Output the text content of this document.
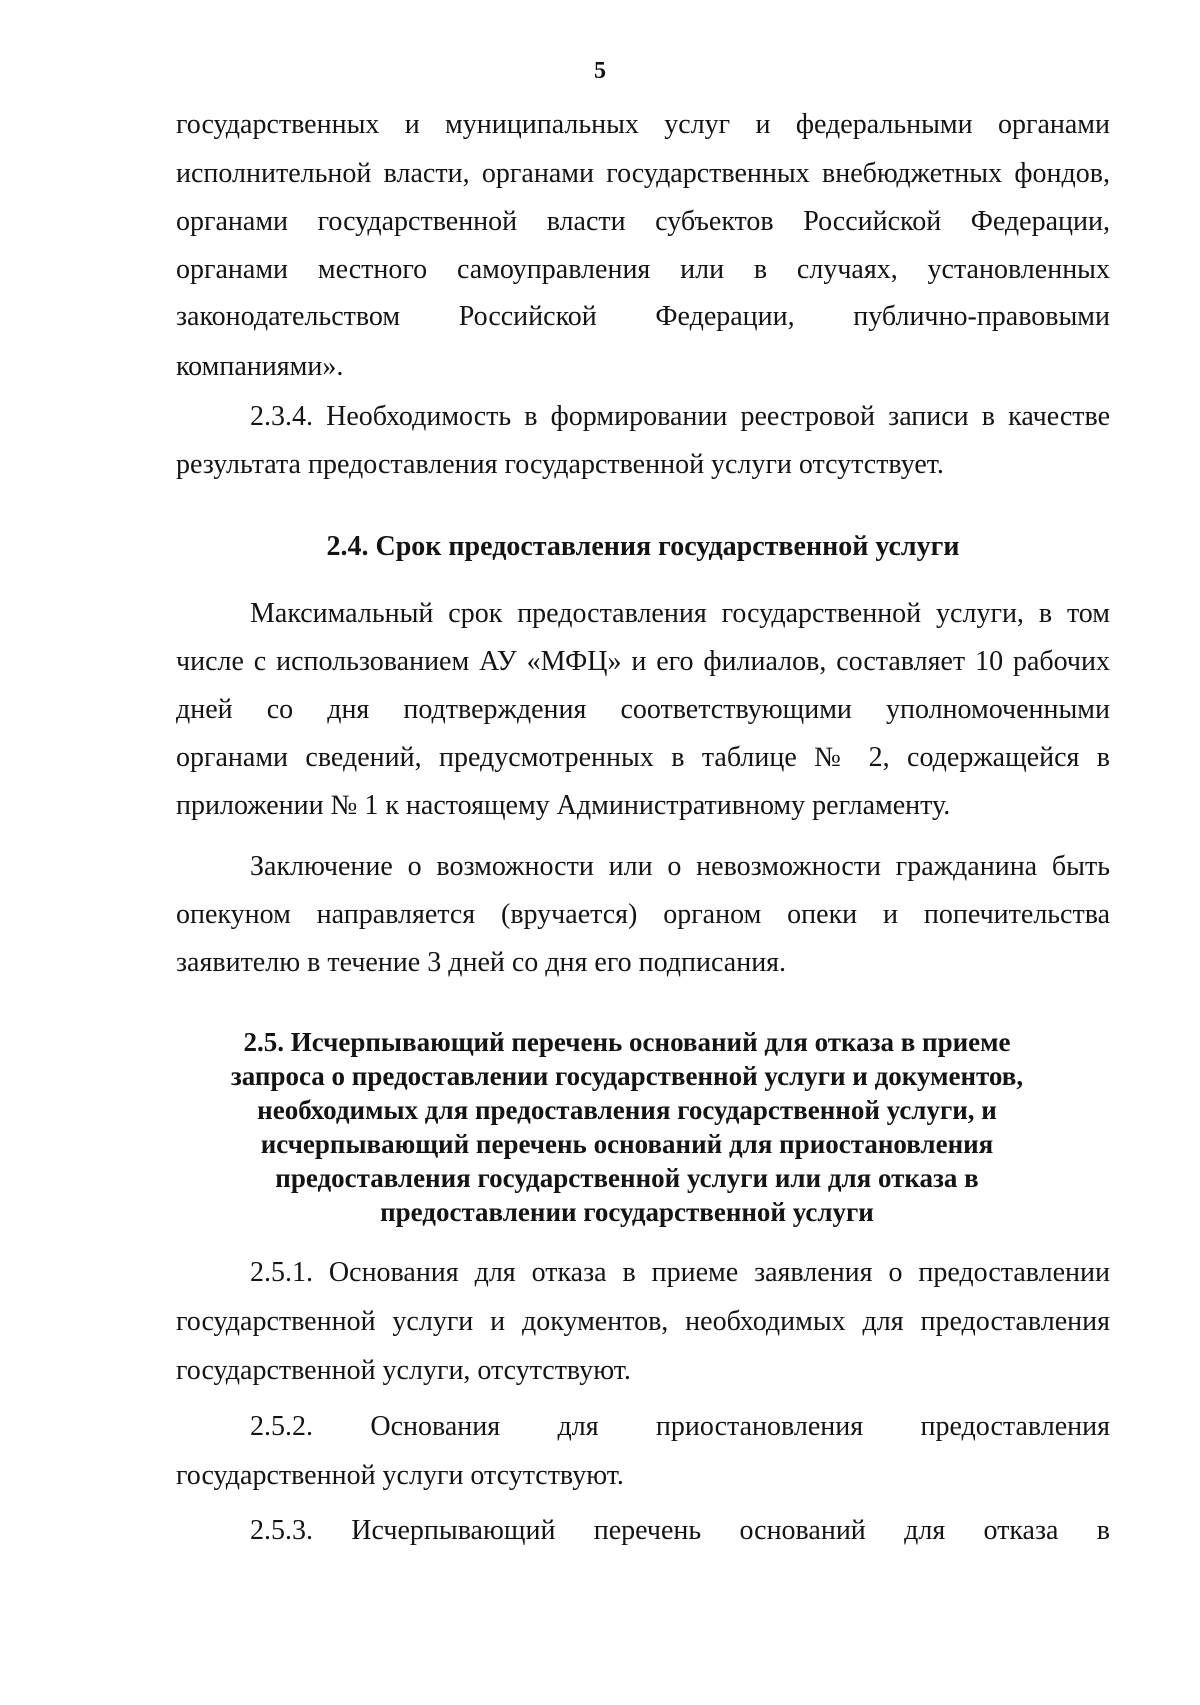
5
государственных и муниципальных услуг и федеральными органами
исполнительной власти, органами государственных внебюджетных фондов,
органами государственной власти субъектов Российской Федерации,
органами местного самоуправления или в случаях, установленных
законодательством Российской Федерации, публично-правовыми
компаниями».
2.3.4. Необходимость в формировании реестровой записи в качестве
результата предоставления государственной услуги отсутствует.
2.4. Срок предоставления государственной услуги
Максимальный срок предоставления государственной услуги, в том
числе с использованием АУ «МФЦ» и его филиалов, составляет 10 рабочих
дней со дня подтверждения соответствующими уполномоченными
органами сведений, предусмотренных в таблице № 2, содержащейся в
приложении № 1 к настоящему Административному регламенту.
Заключение о возможности или о невозможности гражданина быть
опекуном направляется (вручается) органом опеки и попечительства
заявителю в течение 3 дней со дня его подписания.
2.5. Исчерпывающий перечень оснований для отказа в приеме
запроса о предоставлении государственной услуги и документов,
необходимых для предоставления государственной услуги, и
исчерпывающий перечень оснований для приостановления
предоставления государственной услуги или для отказа в
предоставлении государственной услуги
2.5.1. Основания для отказа в приеме заявления о предоставлении
государственной услуги и документов, необходимых для предоставления
государственной услуги, отсутствуют.
2.5.2. Основания для приостановления предоставления
государственной услуги отсутствуют.
2.5.3. Исчерпывающий перечень оснований для отказа в
